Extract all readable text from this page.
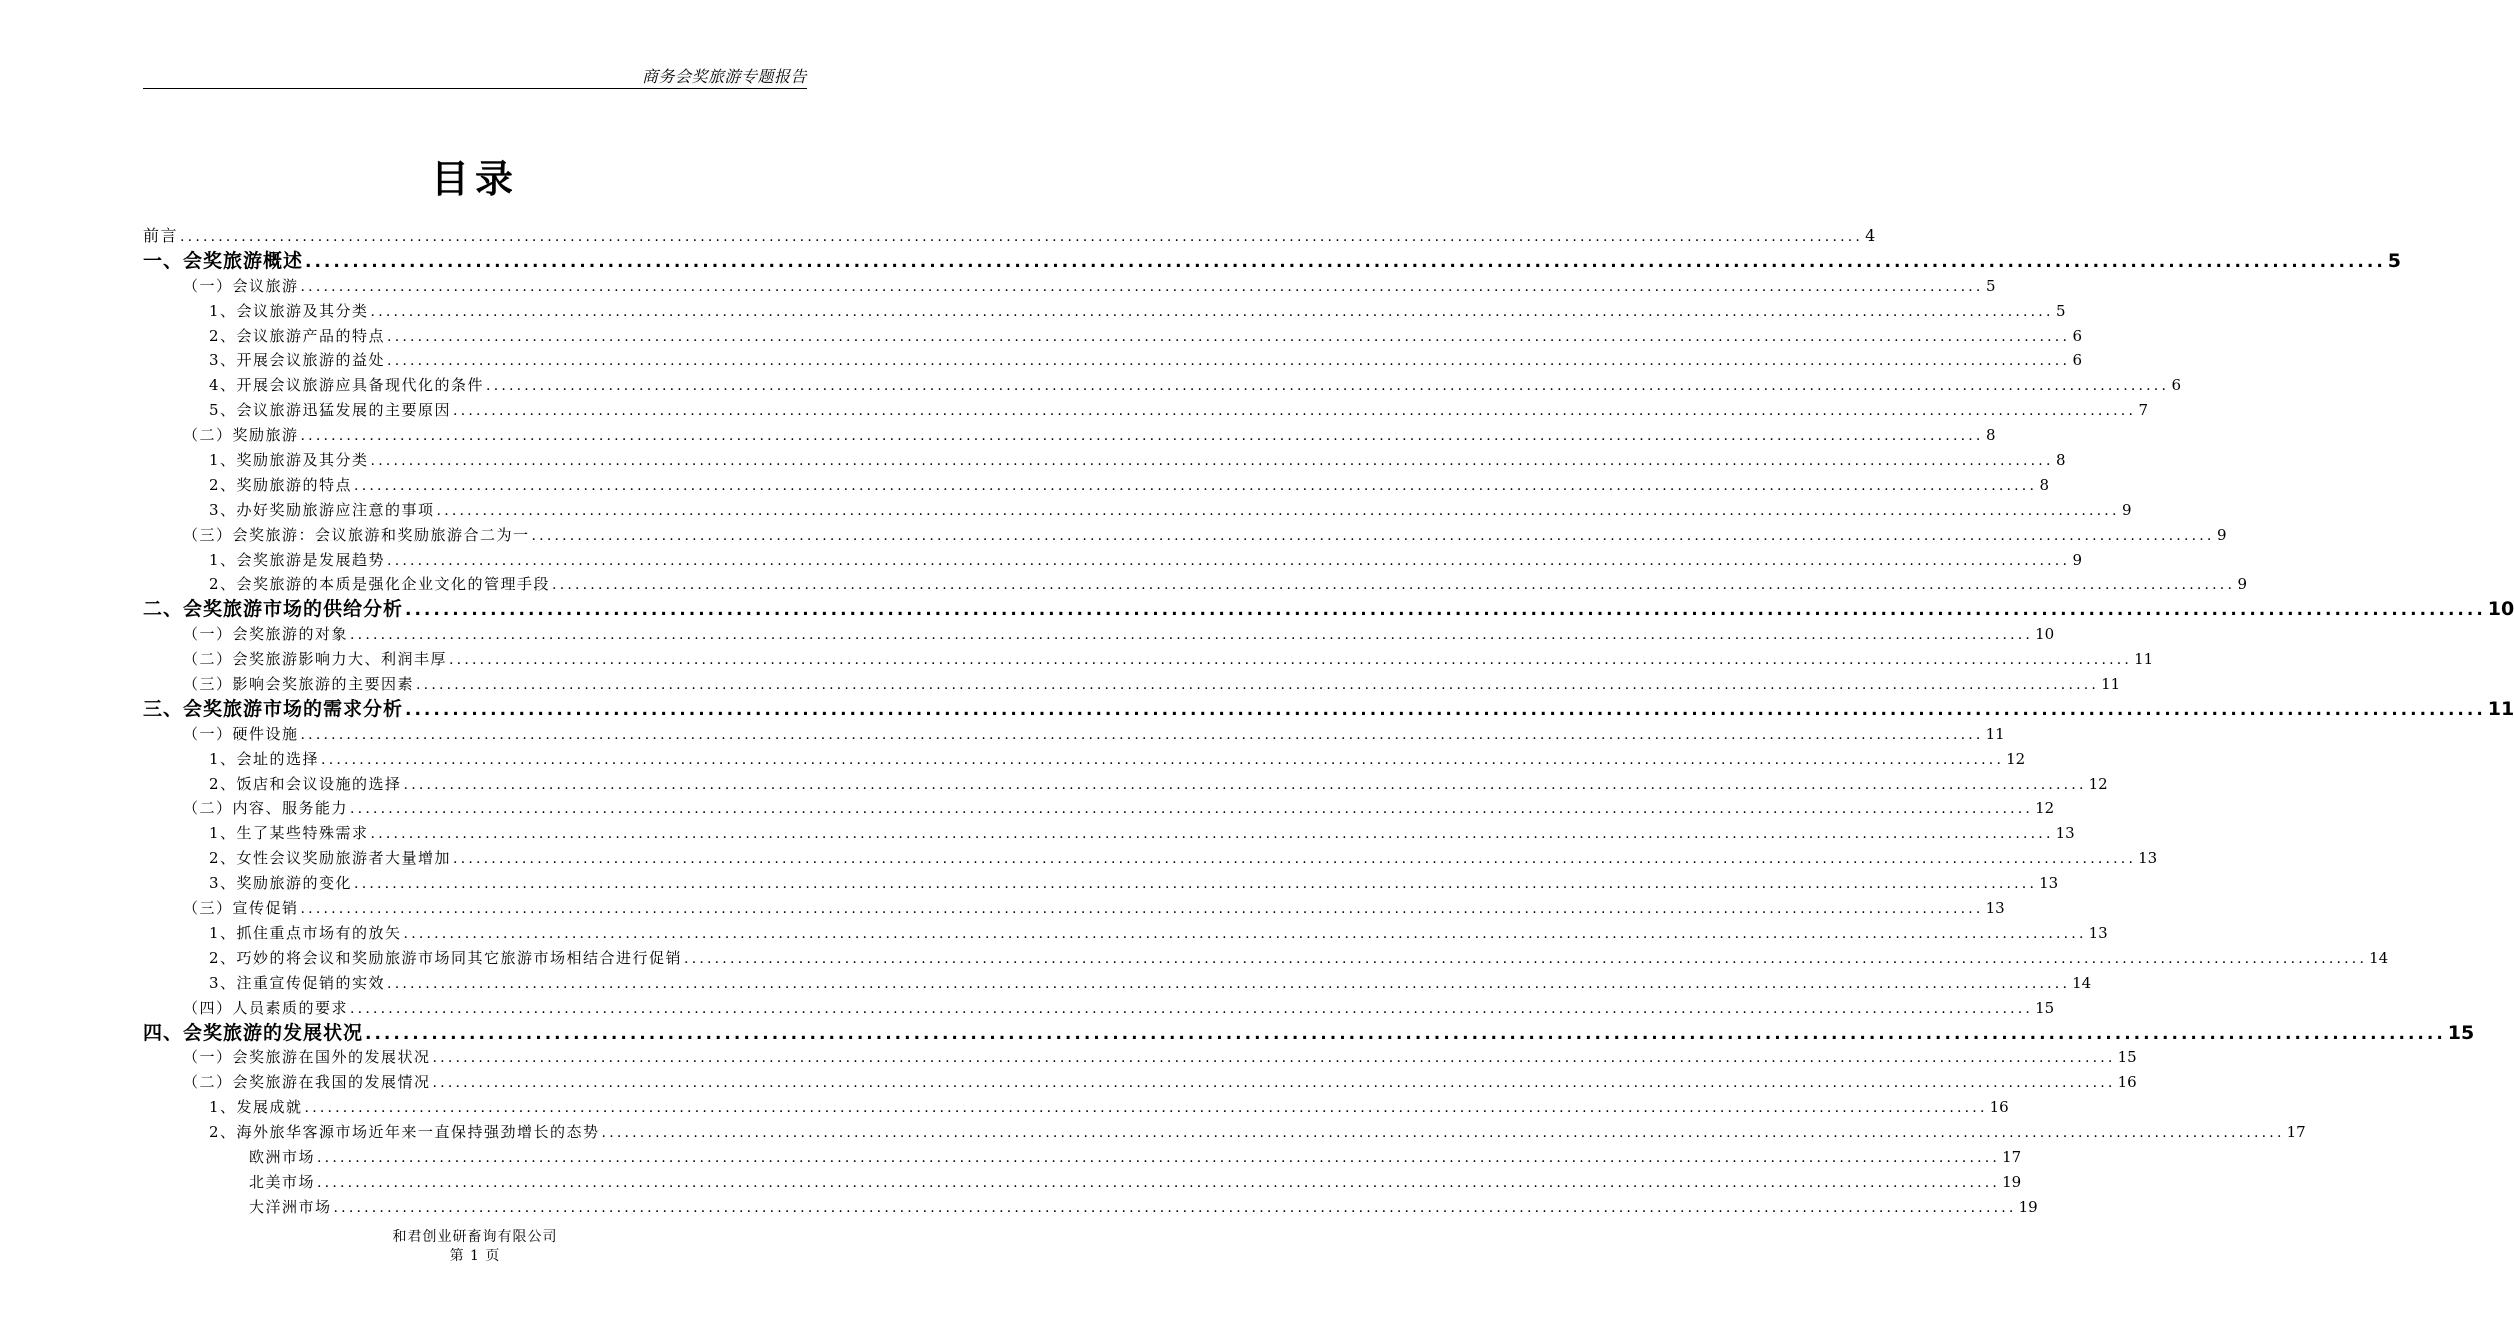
商务会奖旅游专题报告
目录
前言 ............................................................................................................................................................................................................................ 4
一、会奖旅游概述 ............................................................................................................................................................................................................................ 5
（一）会议旅游 ............................................................................................................................................................................................................................ 5
1、会议旅游及其分类 ............................................................................................................................................................................................................................ 5
2、会议旅游产品的特点 ............................................................................................................................................................................................................................ 6
3、开展会议旅游的益处 ............................................................................................................................................................................................................................ 6
4、开展会议旅游应具备现代化的条件 ............................................................................................................................................................................................................................ 6
5、会议旅游迅猛发展的主要原因 ............................................................................................................................................................................................................................ 7
（二）奖励旅游 ............................................................................................................................................................................................................................ 8
1、奖励旅游及其分类 ............................................................................................................................................................................................................................ 8
2、奖励旅游的特点 ............................................................................................................................................................................................................................ 8
3、办好奖励旅游应注意的事项 ............................................................................................................................................................................................................................ 9
（三）会奖旅游：会议旅游和奖励旅游合二为一 ............................................................................................................................................................................................................................ 9
1、会奖旅游是发展趋势 ............................................................................................................................................................................................................................ 9
2、会奖旅游的本质是强化企业文化的管理手段 ............................................................................................................................................................................................................................ 9
二、会奖旅游市场的供给分析 ............................................................................................................................................................................................................................ 10
（一）会奖旅游的对象 ............................................................................................................................................................................................................................ 10
（二）会奖旅游影响力大、利润丰厚 ............................................................................................................................................................................................................................ 11
（三）影响会奖旅游的主要因素 ............................................................................................................................................................................................................................ 11
三、会奖旅游市场的需求分析 ............................................................................................................................................................................................................................ 11
（一）硬件设施 ............................................................................................................................................................................................................................ 11
1、会址的选择 ............................................................................................................................................................................................................................ 12
2、饭店和会议设施的选择 ............................................................................................................................................................................................................................ 12
（二）内容、服务能力 ............................................................................................................................................................................................................................ 12
1、生了某些特殊需求 ............................................................................................................................................................................................................................ 13
2、女性会议奖励旅游者大量增加 ............................................................................................................................................................................................................................ 13
3、奖励旅游的变化 ............................................................................................................................................................................................................................ 13
（三）宣传促销 ............................................................................................................................................................................................................................ 13
1、抓住重点市场有的放矢 ............................................................................................................................................................................................................................ 13
2、巧妙的将会议和奖励旅游市场同其它旅游市场相结合进行促销 ............................................................................................................................................................................................................................ 14
3、注重宣传促销的实效 ............................................................................................................................................................................................................................ 14
（四）人员素质的要求 ............................................................................................................................................................................................................................ 15
四、会奖旅游的发展状况 ............................................................................................................................................................................................................................ 15
（一）会奖旅游在国外的发展状况 ............................................................................................................................................................................................................................ 15
（二）会奖旅游在我国的发展情况 ............................................................................................................................................................................................................................ 16
1、发展成就 ............................................................................................................................................................................................................................ 16
2、海外旅华客源市场近年来一直保持强劲增长的态势 ............................................................................................................................................................................................................................ 17
欧洲市场 ............................................................................................................................................................................................................................ 17
北美市场 ............................................................................................................................................................................................................................ 19
大洋洲市场 ............................................................................................................................................................................................................................ 19
和君创业研畜询有限公司
第 1 页
